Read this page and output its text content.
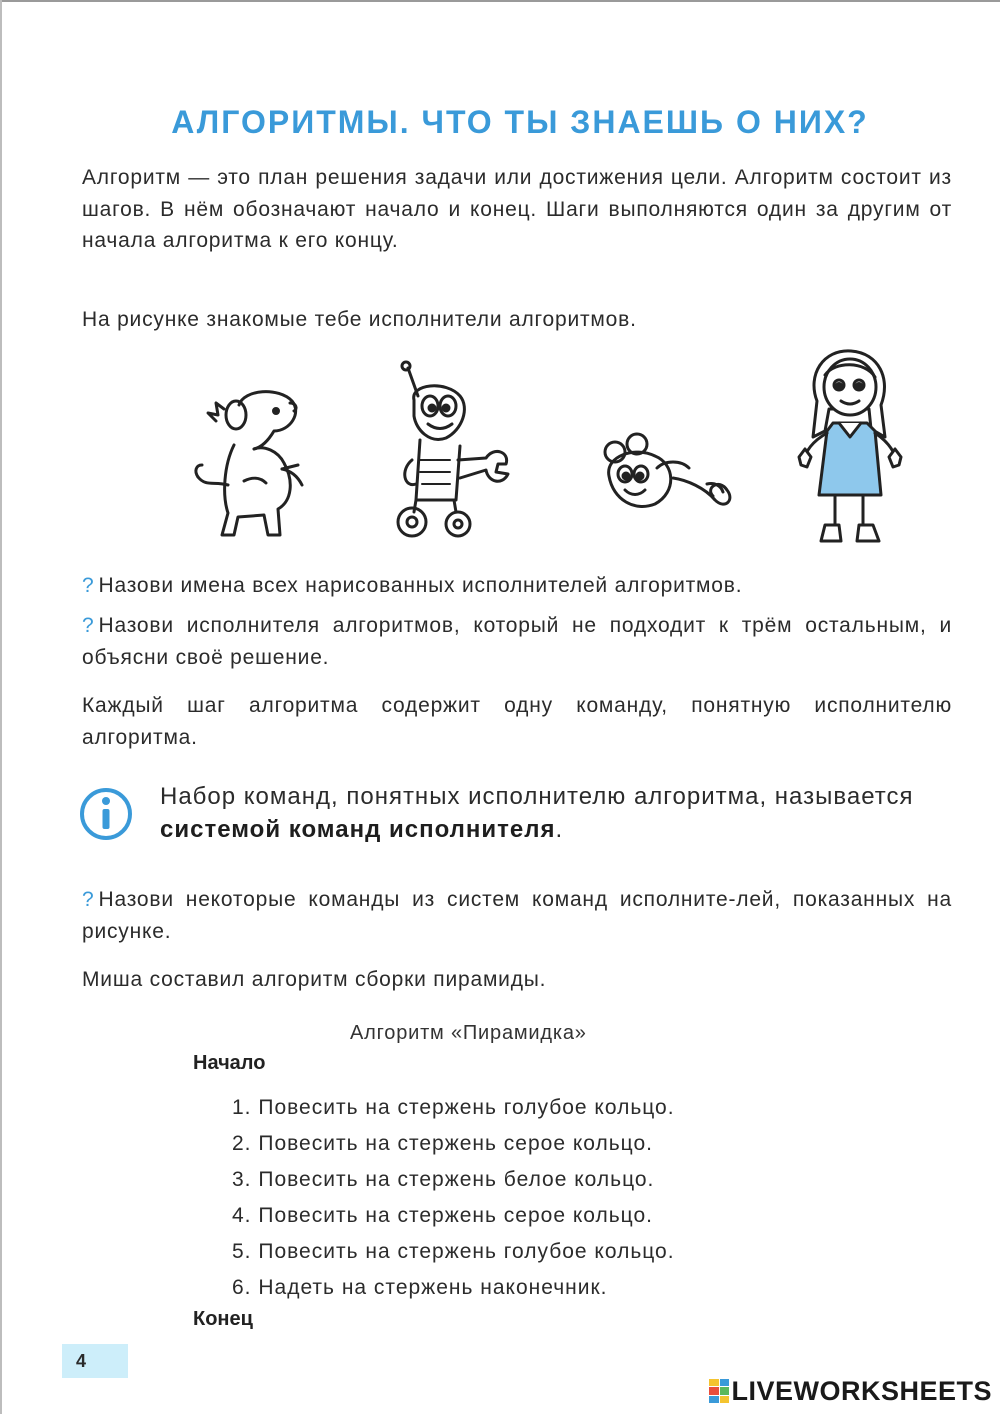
АЛГОРИТМЫ. ЧТО ТЫ ЗНАЕШЬ О НИХ?
Алгоритм — это план решения задачи или достижения цели. Алгоритм состоит из шагов. В нём обозначают начало и конец. Шаги выполняются один за другим от начала алгоритма к его концу.
На рисунке знакомые тебе исполнители алгоритмов.
? Назови имена всех нарисованных исполнителей алгоритмов.
? Назови исполнителя алгоритмов, который не подходит к трём остальным, и объясни своё решение.
Каждый шаг алгоритма содержит одну команду, понятную исполнителю алгоритма.
Набор команд, понятных исполнителю алгоритма, называется системой команд исполнителя.
? Назови некоторые команды из систем команд исполните-лей, показанных на рисунке.
Миша составил алгоритм сборки пирамиды.
Алгоритм «Пирамидка»
Начало
1. Повесить на стержень голубое кольцо.
2. Повесить на стержень серое кольцо.
3. Повесить на стержень белое кольцо.
4. Повесить на стержень серое кольцо.
5. Повесить на стержень голубое кольцо.
6. Надеть на стержень наконечник.
Конец
4
LIVEWORKSHEETS
